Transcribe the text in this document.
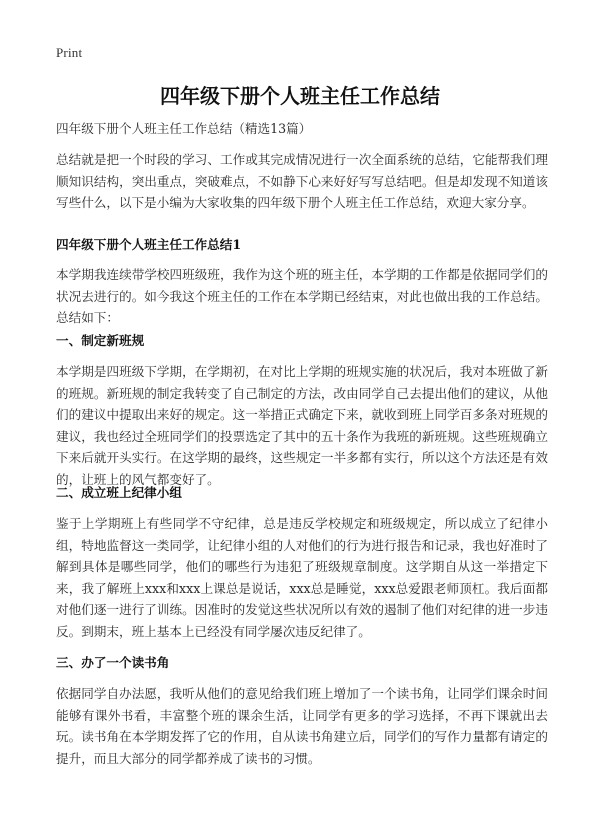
Print
四年级下册个人班主任工作总结

四年级下册个人班主任工作总结（精选13篇）

总结就是把一个时段的学习、工作或其完成情况进行一次全面系统的总结，它能帮我们理顺知识结构，突出重点，突破难点，不如静下心来好好写写总结吧。但是却发现不知道该写些什么，以下是小编为大家收集的四年级下册个人班主任工作总结，欢迎大家分享。

四年级下册个人班主任工作总结1

本学期我连续带学校四班级班，我作为这个班的班主任，本学期的工作都是依据同学们的状况去进行的。如今我这个班主任的工作在本学期已经结束，对此也做出我的工作总结。总结如下：

一、制定新班规

本学期是四班级下学期，在学期初，在对比上学期的班规实施的状况后，我对本班做了新的班规。新班规的制定我转变了自己制定的方法，改由同学自己去提出他们的建议，从他们的建议中提取出来好的规定。这一举措正式确定下来，就收到班上同学百多条对班规的建议，我也经过全班同学们的投票选定了其中的五十条作为我班的新班规。这些班规确立下来后就开头实行。在这学期的最终，这些规定一半多都有实行，所以这个方法还是有效的，让班上的风气都变好了。

二、成立班上纪律小组

鉴于上学期班上有些同学不守纪律，总是违反学校规定和班级规定，所以成立了纪律小组，特地监督这一类同学，让纪律小组的人对他们的行为进行报告和记录，我也好准时了解到具体是哪些同学，他们的哪些行为违犯了班级规章制度。这学期自从这一举措定下来，我了解班上xxx和xxx上课总是说话，xxx总是睡觉，xxx总爱跟老师顶杠。我后面都对他们逐一进行了训练。因准时的发觉这些状况所以有效的遏制了他们对纪律的进一步违反。到期末，班上基本上已经没有同学屡次违反纪律了。

三、办了一个读书角

依据同学自办法愿，我听从他们的意见给我们班上增加了一个读书角，让同学们课余时间能够有课外书看，丰富整个班的课余生活，让同学有更多的学习选择，不再下课就出去玩。读书角在本学期发挥了它的作用，自从读书角建立后，同学们的写作力量都有请定的提升，而且大部分的同学都养成了读书的习惯。
